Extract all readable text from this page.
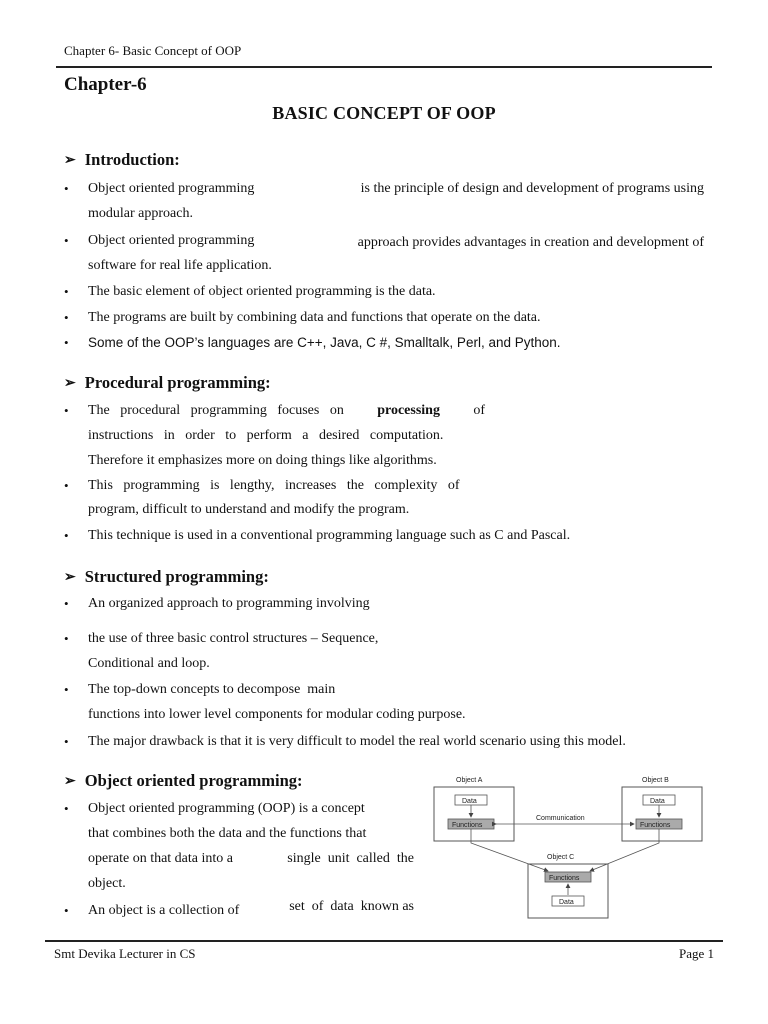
Chapter 6- Basic Concept of OOP
Chapter-6
BASIC CONCEPT OF OOP
➢ Introduction:
• Object oriented programming	is the principle of design and development of programs using
modular approach.
• Object oriented programming	approach provides advantages in creation and development of
software for real life application.
• The basic element of object oriented programming is the data.
• The programs are built by combining data and functions that operate on the data.
• Some of the OOP’s languages are C++, Java, C #, Smalltalk, Perl, and Python.
➢ Procedural programming:
• The   procedural   programming   focuses   on processing of
instructions   in   order   to   perform   a   desired   computation.
Therefore it emphasizes more on doing things like algorithms.
• This   programming   is   lengthy,   increases   the   complexity   of
program, difficult to understand and modify the program.
• This technique is used in a conventional programming language such as C and Pascal.
➢ Structured programming:
• An organized approach to programming involving
• the use of three basic control structures – Sequence,
Conditional and loop.
• The top-down concepts to decompose  main
functions into lower level components for modular coding purpose.
• The major drawback is that it is very difficult to model the real world scenario using this model.
➢ Object oriented programming:
• Object oriented programming (OOP) is a concept
that combines both the data and the functions that
operate on that data into a	single  unit  called  the
object.
• An object is a collection of	set  of  data  known as
Object A
Data
Functions
Object B
Data
Functions
Communication
Object C
Functions
Data
Smt Devika Lecturer in CS	Page 1
